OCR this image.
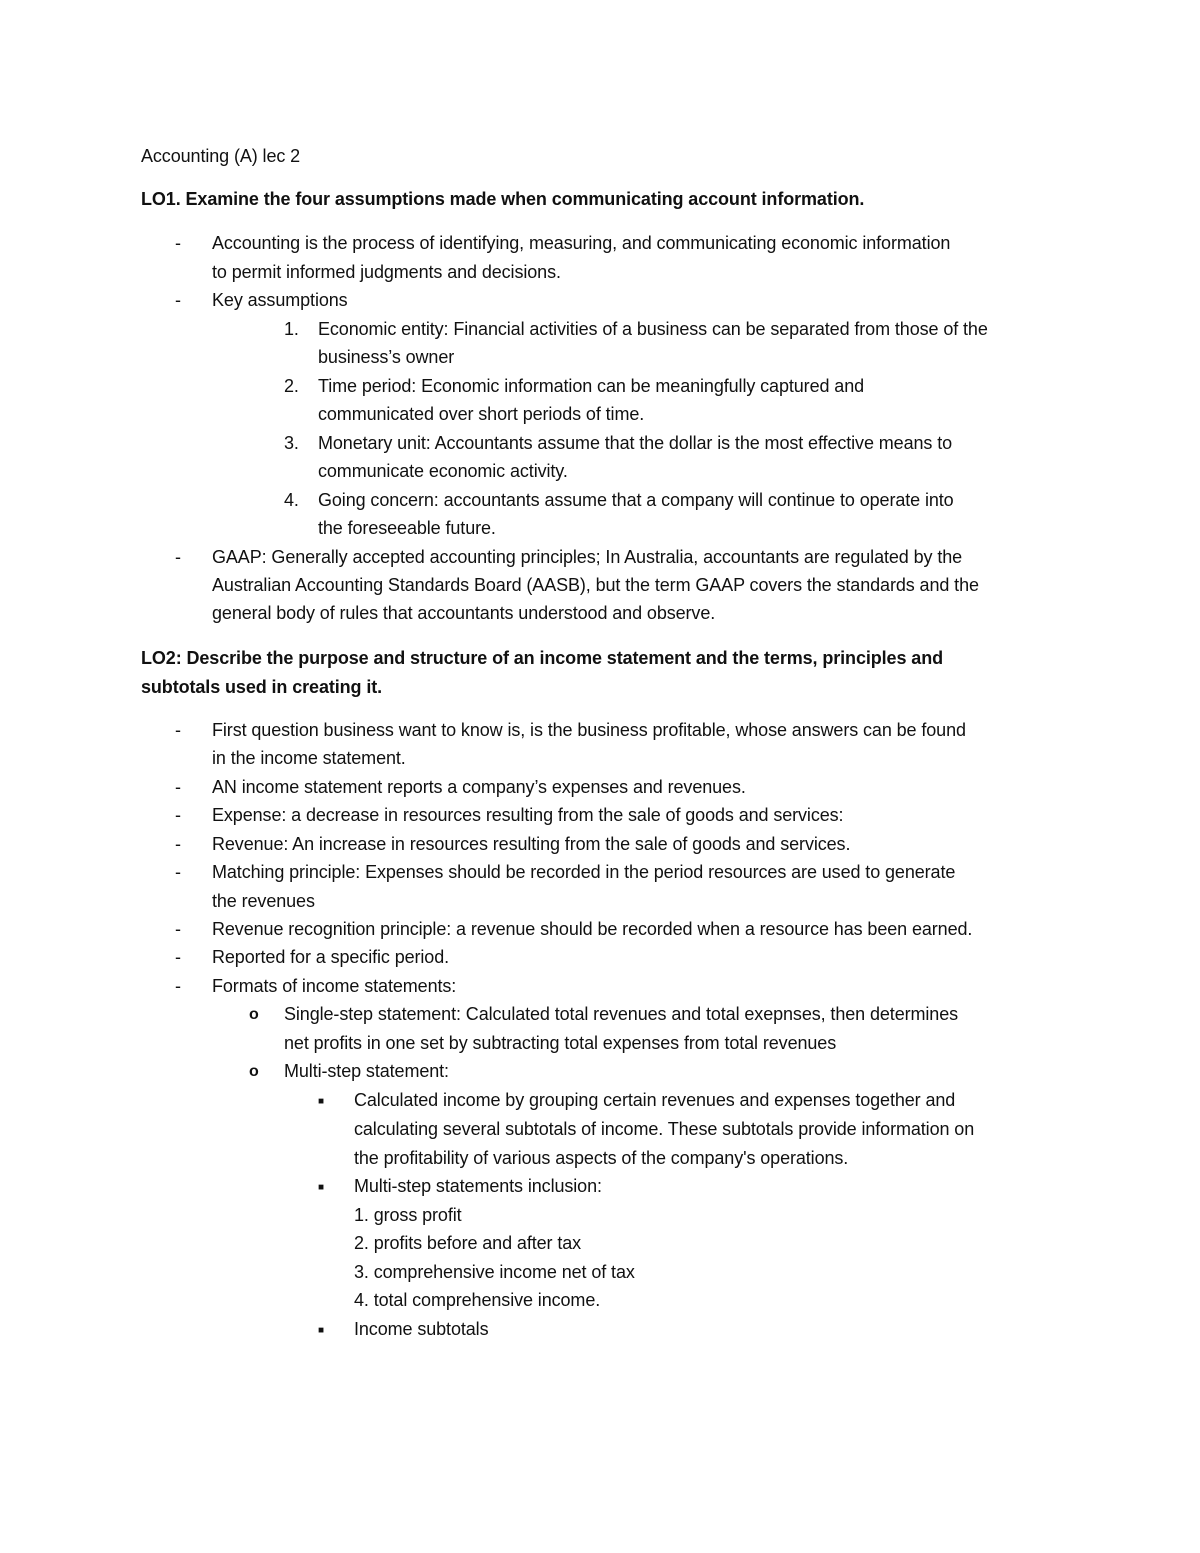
Accounting (A) lec 2
LO1. Examine the four assumptions made when communicating account information.
- Accounting is the process of identifying, measuring, and communicating economic information
to permit informed judgments and decisions.
- Key assumptions
1. Economic entity: Financial activities of a business can be separated from those of the
business’s owner
2. Time period: Economic information can be meaningfully captured and
communicated over short periods of time.
3. Monetary unit: Accountants assume that the dollar is the most effective means to
communicate economic activity.
4. Going concern: accountants assume that a company will continue to operate into
the foreseeable future.
- GAAP: Generally accepted accounting principles; In Australia, accountants are regulated by the
Australian Accounting Standards Board (AASB), but the term GAAP covers the standards and the
general body of rules that accountants understood and observe.
LO2: Describe the purpose and structure of an income statement and the terms, principles and
subtotals used in creating it.
- First question business want to know is, is the business profitable, whose answers can be found
in the income statement.
- AN income statement reports a company’s expenses and revenues.
- Expense: a decrease in resources resulting from the sale of goods and services:
- Revenue: An increase in resources resulting from the sale of goods and services.
- Matching principle: Expenses should be recorded in the period resources are used to generate
the revenues
- Revenue recognition principle: a revenue should be recorded when a resource has been earned.
- Reported for a specific period.
- Formats of income statements:
o Single-step statement: Calculated total revenues and total exepnses, then determines
net profits in one set by subtracting total expenses from total revenues
o Multi-step statement:
■ Calculated income by grouping certain revenues and expenses together and
calculating several subtotals of income. These subtotals provide information on
the profitability of various aspects of the company's operations.
■ Multi-step statements inclusion:
1. gross profit
2. profits before and after tax
3. comprehensive income net of tax
4. total comprehensive income.
■ Income subtotals
